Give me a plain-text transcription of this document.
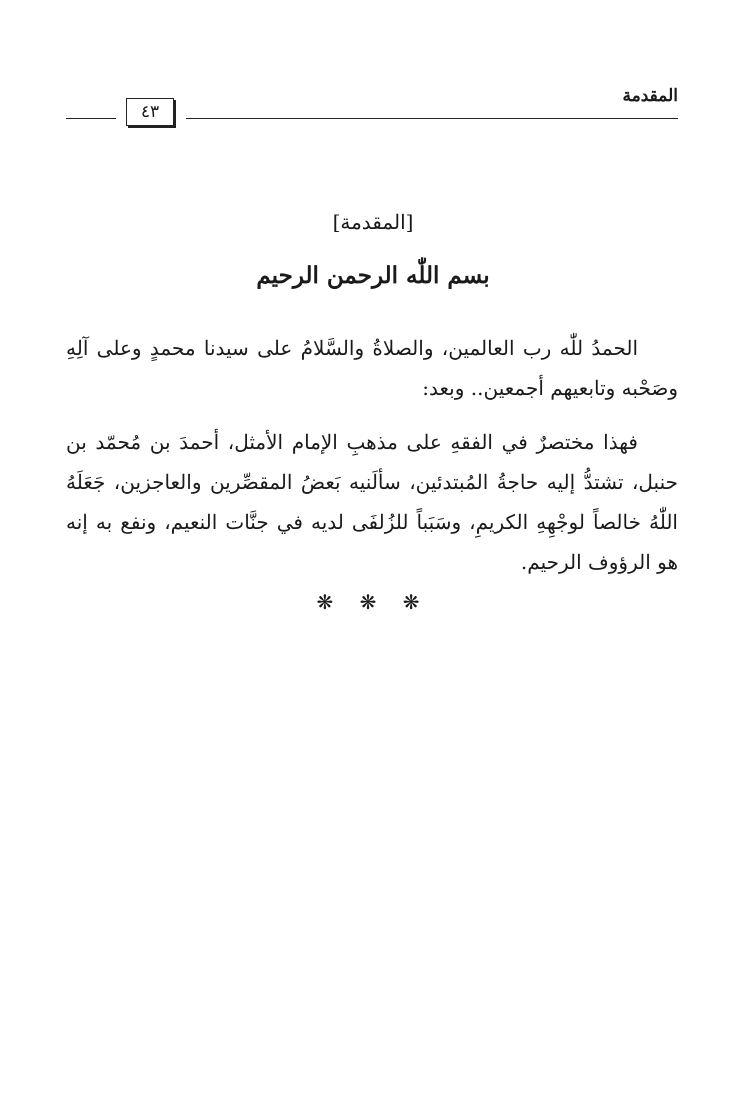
المقدمة
٤٣
[المقدمة]
بسم اللّٰه الرحمن الرحيم

الحمدُ للّٰه رب العالمين، والصلاةُ والسَّلامُ على سيدنا محمدٍ وعلى آلِهِ وصَحْبه وتابعيهم أجمعين.. وبعد:

فهذا مختصرٌ في الفقهِ على مذهبِ الإمام الأمثل، أحمدَ بن مُحمّد بن حنبل، تشتدُّ إليه حاجةُ المُبتدئين، سألَنيه بَعضُ المقصِّرين والعاجزين، جَعَلَهُ اللّٰهُ خالصاً لوجْهِهِ الكريمِ، وسَبَباً للزُلفَى لديه في جنَّات النعيم، ونفع به إنه هو الرؤوف الرحيم.

❋ ❋ ❋
